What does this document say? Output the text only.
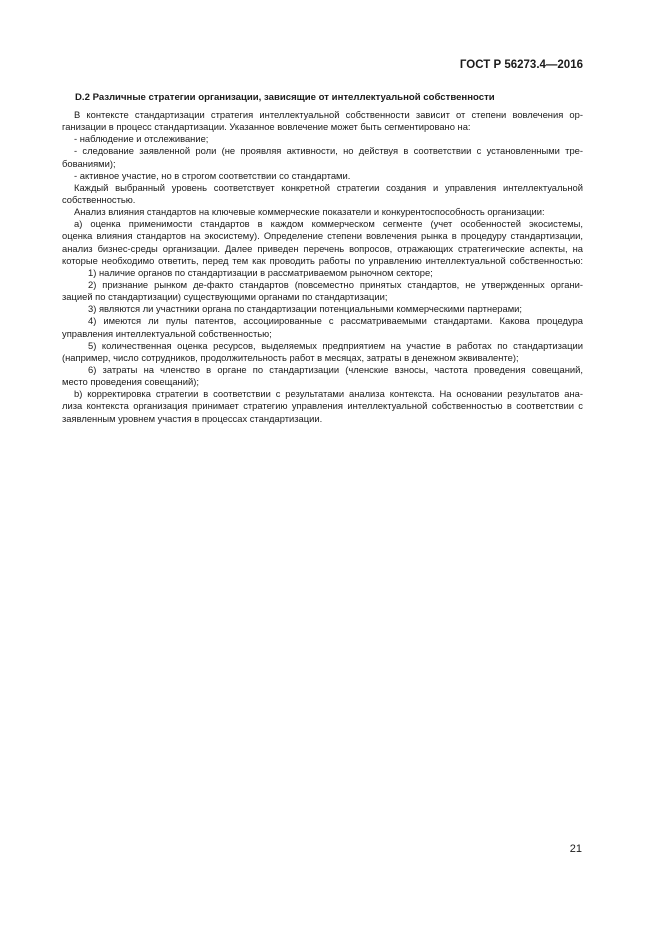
ГОСТ Р 56273.4—2016
D.2 Различные стратегии организации, зависящие от интеллектуальной собственности
В контексте стандартизации стратегия интеллектуальной собственности зависит от степени вовлечения ор-
ганизации в процесс стандартизации. Указанное вовлечение может быть сегментировано на:
- наблюдение и отслеживание;
- следование заявленной роли (не проявляя активности, но действуя в соответствии с установленными тре-
бованиями);
- активное участие, но в строгом соответствии со стандартами.
Каждый выбранный уровень соответствует конкретной стратегии создания и управления интеллектуальной
собственностью.
Анализ влияния стандартов на ключевые коммерческие показатели и конкурентоспособность организации:
а) оценка применимости стандартов в каждом коммерческом сегменте (учет особенностей экосистемы,
оценка влияния стандартов на экосистему). Определение степени вовлечения рынка в процедуру стандартизации,
анализ бизнес-среды организации. Далее приведен перечень вопросов, отражающих стратегические аспекты, на
которые необходимо ответить, перед тем как проводить работы по управлению интеллектуальной собственностью:
1) наличие органов по стандартизации в рассматриваемом рыночном секторе;
2) признание рынком де-факто стандартов (повсеместно принятых стандартов, не утвержденных органи-
зацией по стандартизации) существующими органами по стандартизации;
3) являются ли участники органа по стандартизации потенциальными коммерческими партнерами;
4) имеются ли пулы патентов, ассоциированные с рассматриваемыми стандартами. Какова процедура
управления интеллектуальной собственностью;
5) количественная оценка ресурсов, выделяемых предприятием на участие в работах по стандартизации
(например, число сотрудников, продолжительность работ в месяцах, затраты в денежном эквиваленте);
6) затраты на членство в органе по стандартизации (членские взносы, частота проведения совещаний,
место проведения совещаний);
b) корректировка стратегии в соответствии с результатами анализа контекста. На основании результатов ана-
лиза контекста организация принимает стратегию управления интеллектуальной собственностью в соответствии с
заявленным уровнем участия в процессах стандартизации.
21
